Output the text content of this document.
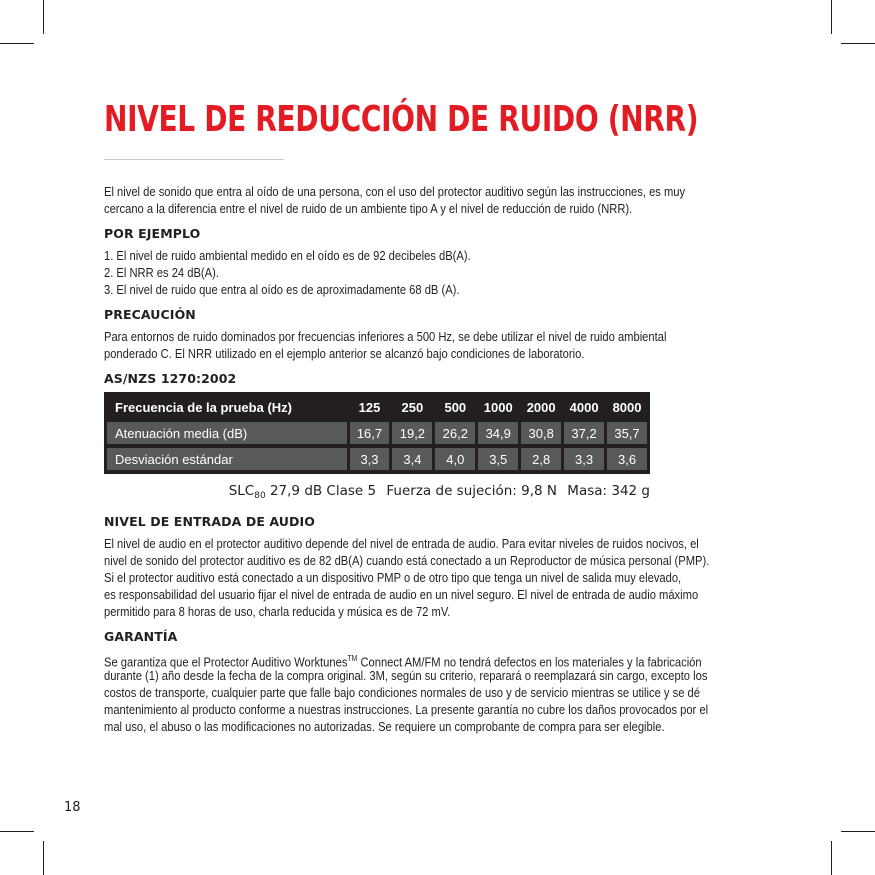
NIVEL DE REDUCCIÓN DE RUIDO (NRR)
El nivel de sonido que entra al oído de una persona, con el uso del protector auditivo según las instrucciones, es muy
cercano a la diferencia entre el nivel de ruido de un ambiente tipo A y el nivel de reducción de ruido (NRR).
POR EJEMPLO
1. El nivel de ruido ambiental medido en el oído es de 92 decibeles dB(A).
2. El NRR es 24 dB(A).
3. El nivel de ruido que entra al oído es de aproximadamente 68 dB (A).
PRECAUCIÓN
Para entornos de ruido dominados por frecuencias inferiores a 500 Hz, se debe utilizar el nivel de ruido ambiental
ponderado C. El NRR utilizado en el ejemplo anterior se alcanzó bajo condiciones de laboratorio.
AS/NZS 1270:2002
Frecuencia de la prueba (Hz)	125	250	500	1000	2000	4000	8000
Atenuación media (dB)	16,7	19,2	26,2	34,9	30,8	37,2	35,7
Desviación estándar	3,3	3,4	4,0	3,5	2,8	3,3	3,6
$SLC_{80}$ 27,9 dB Clase 5 Fuerza de sujeción: 9,8 N Masa: 342 g
NIVEL DE ENTRADA DE AUDIO
El nivel de audio en el protector auditivo depende del nivel de entrada de audio. Para evitar niveles de ruidos nocivos, el
nivel de sonido del protector auditivo es de 82 dB(A) cuando está conectado a un Reproductor de música personal (PMP).
Si el protector auditivo está conectado a un dispositivo PMP o de otro tipo que tenga un nivel de salida muy elevado,
es responsabilidad del usuario fijar el nivel de entrada de audio en un nivel seguro. El nivel de entrada de audio máximo
permitido para 8 horas de uso, charla reducida y música es de 72 mV.
GARANTÍA
Se garantiza que el Protector Auditivo Worktunes™ Connect AM/FM no tendrá defectos en los materiales y la fabricación
durante (1) año desde la fecha de la compra original. 3M, según su criterio, reparará o reemplazará sin cargo, excepto los
costos de transporte, cualquier parte que falle bajo condiciones normales de uso y de servicio mientras se utilice y se dé
mantenimiento al producto conforme a nuestras instrucciones. La presente garantía no cubre los daños provocados por el
mal uso, el abuso o las modificaciones no autorizadas. Se requiere un comprobante de compra para ser elegible.
18
